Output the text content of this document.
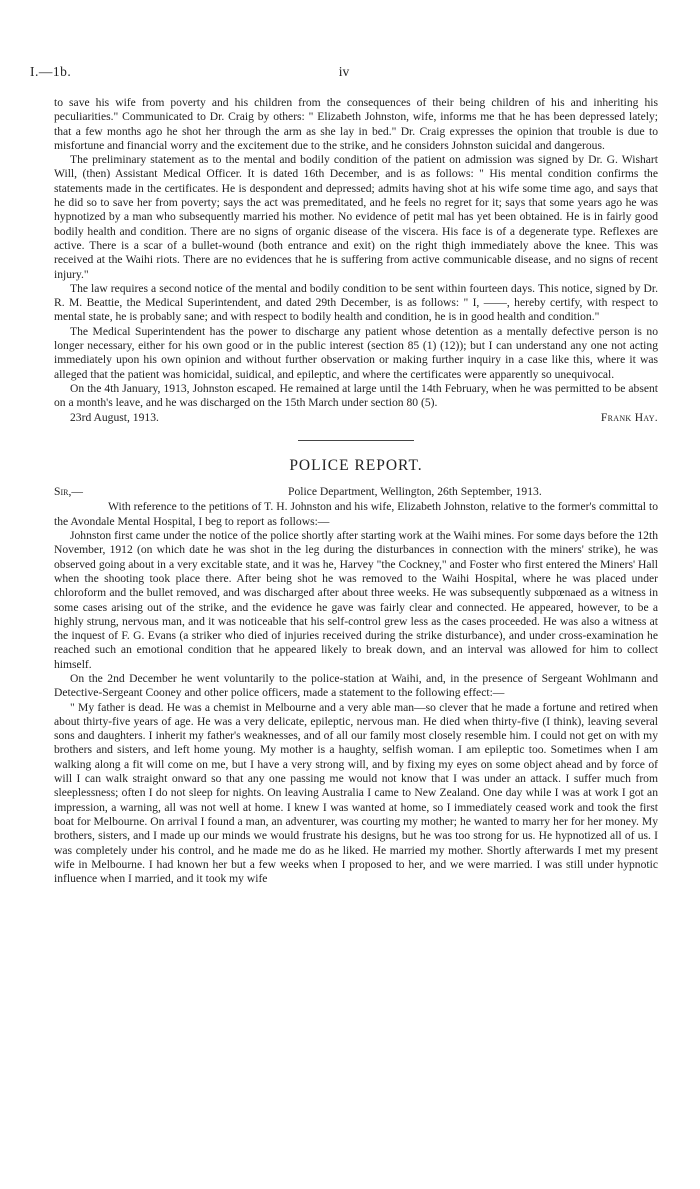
I.—1b.	iv

to save his wife from poverty and his children from the consequences of their being children of his and inheriting his peculiarities." Communicated to Dr. Craig by others: " Elizabeth Johnston, wife, informs me that he has been depressed lately; that a few months ago he shot her through the arm as she lay in bed." Dr. Craig expresses the opinion that trouble is due to misfortune and financial worry and the excitement due to the strike, and he considers Johnston suicidal and dangerous.

The preliminary statement as to the mental and bodily condition of the patient on admission was signed by Dr. G. Wishart Will, (then) Assistant Medical Officer. It is dated 16th December, and is as follows: " His mental condition confirms the statements made in the certificates. He is despondent and depressed; admits having shot at his wife some time ago, and says that he did so to save her from poverty; says the act was premeditated, and he feels no regret for it; says that some years ago he was hypnotized by a man who subsequently married his mother. No evidence of petit mal has yet been obtained. He is in fairly good bodily health and condition. There are no signs of organic disease of the viscera. His face is of a degenerate type. Reflexes are active. There is a scar of a bullet-wound (both entrance and exit) on the right thigh immediately above the knee. This was received at the Waihi riots. There are no evidences that he is suffering from active communicable disease, and no signs of recent injury."

The law requires a second notice of the mental and bodily condition to be sent within fourteen days. This notice, signed by Dr. R. M. Beattie, the Medical Superintendent, and dated 29th December, is as follows: " I, ——, hereby certify, with respect to mental state, he is probably sane; and with respect to bodily health and condition, he is in good health and condition."

The Medical Superintendent has the power to discharge any patient whose detention as a mentally defective person is no longer necessary, either for his own good or in the public interest (section 85 (1) (12)); but I can understand any one not acting immediately upon his own opinion and without further observation or making further inquiry in a case like this, where it was alleged that the patient was homicidal, suidical, and epileptic, and where the certificates were apparently so unequivocal.

On the 4th January, 1913, Johnston escaped. He remained at large until the 14th February, when he was permitted to be absent on a month's leave, and he was discharged on the 15th March under section 80 (5).

23rd August, 1913.	Frank Hay.
POLICE REPORT.
Sir,—	Police Department, Wellington, 26th September, 1913.

With reference to the petitions of T. H. Johnston and his wife, Elizabeth Johnston, relative to the former's committal to the Avondale Mental Hospital, I beg to report as follows:—

Johnston first came under the notice of the police shortly after starting work at the Waihi mines. For some days before the 12th November, 1912 (on which date he was shot in the leg during the disturbances in connection with the miners' strike), he was observed going about in a very excitable state, and it was he, Harvey "the Cockney," and Foster who first entered the Miners' Hall when the shooting took place there. After being shot he was removed to the Waihi Hospital, where he was placed under chloroform and the bullet removed, and was discharged after about three weeks. He was subsequently subpœnaed as a witness in some cases arising out of the strike, and the evidence he gave was fairly clear and connected. He appeared, however, to be a highly strung, nervous man, and it was noticeable that his self-control grew less as the cases proceeded. He was also a witness at the inquest of F. G. Evans (a striker who died of injuries received during the strike disturbance), and under cross-examination he reached such an emotional condition that he appeared likely to break down, and an interval was allowed for him to collect himself.

On the 2nd December he went voluntarily to the police-station at Waihi, and, in the presence of Sergeant Wohlmann and Detective-Sergeant Cooney and other police officers, made a statement to the following effect:—

" My father is dead. He was a chemist in Melbourne and a very able man—so clever that he made a fortune and retired when about thirty-five years of age. He was a very delicate, epileptic, nervous man. He died when thirty-five (I think), leaving several sons and daughters. I inherit my father's weaknesses, and of all our family most closely resemble him. I could not get on with my brothers and sisters, and left home young. My mother is a haughty, selfish woman. I am epileptic too. Sometimes when I am walking along a fit will come on me, but I have a very strong will, and by fixing my eyes on some object ahead and by force of will I can walk straight onward so that any one passing me would not know that I was under an attack. I suffer much from sleeplessness; often I do not sleep for nights. On leaving Australia I came to New Zealand. One day while I was at work I got an impression, a warning, all was not well at home. I knew I was wanted at home, so I immediately ceased work and took the first boat for Melbourne. On arrival I found a man, an adventurer, was courting my mother; he wanted to marry her for her money. My brothers, sisters, and I made up our minds we would frustrate his designs, but he was too strong for us. He hypnotized all of us. I was completely under his control, and he made me do as he liked. He married my mother. Shortly afterwards I met my present wife in Melbourne. I had known her but a few weeks when I proposed to her, and we were married. I was still under hypnotic influence when I married, and it took my wife
